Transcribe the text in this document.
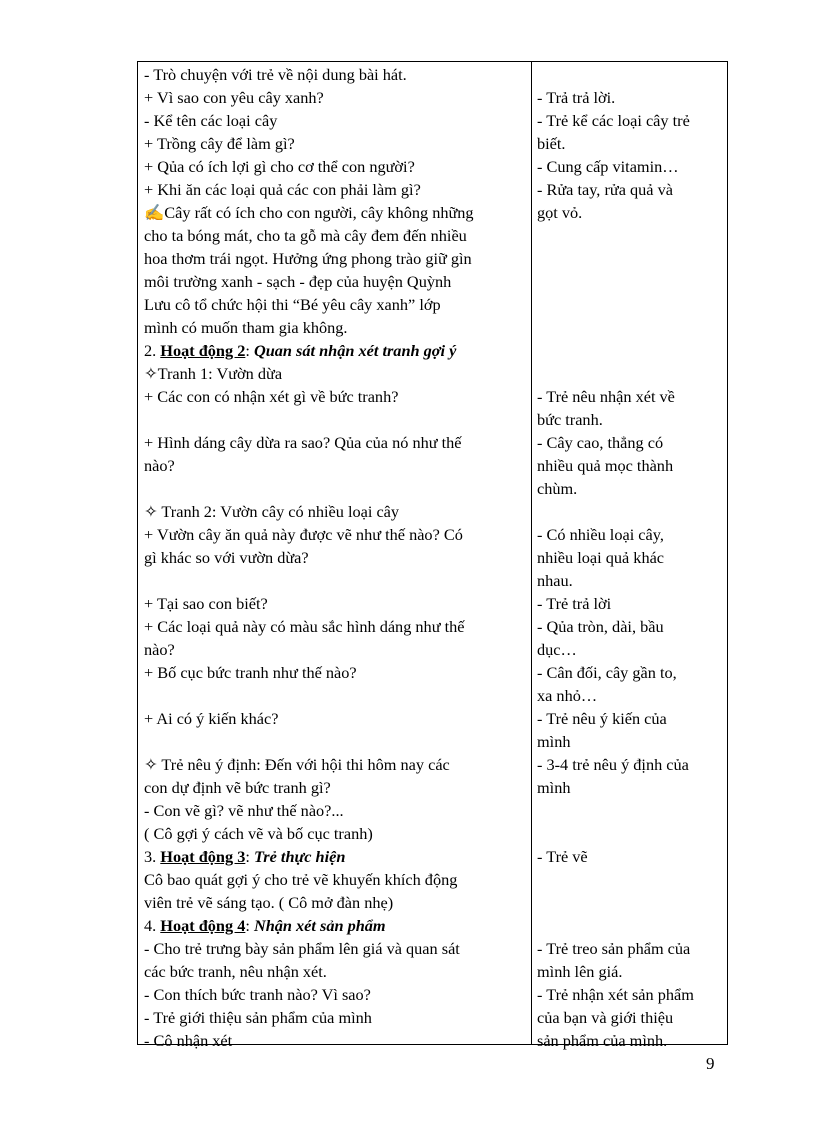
- Trò chuyện với trẻ về nội dung bài hát.
+ Vì sao con yêu cây xanh?
- Kể tên các loại cây
+ Trồng cây để làm gì?
+ Qủa có ích lợi gì cho cơ thể con người?
+ Khi ăn các loại quả các con phải làm gì?
✍Cây rất có ích cho con người, cây không những
cho ta bóng mát, cho ta gỗ mà cây đem đến nhiều
hoa thơm trái ngọt. Hưởng ứng phong trào giữ gìn
môi trường xanh - sạch - đẹp của huyện Quỳnh
Lưu cô tổ chức hội thi “Bé yêu cây xanh” lớp
mình có muốn tham gia không.
2. Hoạt động 2: Quan sát nhận xét tranh gợi ý
✧Tranh 1: Vườn dừa
+ Các con có nhận xét gì về bức tranh?
+ Hình dáng cây dừa ra sao? Qủa của nó như thế
nào?
✧ Tranh 2: Vườn cây có nhiều loại cây
+ Vườn cây ăn quả này được vẽ như thế nào? Có
gì khác so với vườn dừa?
+ Tại sao con biết?
+ Các loại quả này có màu sắc hình dáng như thế
nào?
+ Bố cục bức tranh như thế nào?
+ Ai có ý kiến khác?
✧ Trẻ nêu ý định: Đến với hội thi hôm nay các
con dự định vẽ bức tranh gì?
- Con vẽ gì? vẽ như thế nào?...
( Cô gợi ý cách vẽ và bố cục tranh)
3. Hoạt động 3: Trẻ thực hiện
Cô bao quát gợi ý cho trẻ vẽ khuyến khích động
viên trẻ vẽ sáng tạo. ( Cô mở đàn nhẹ)
4. Hoạt động 4: Nhận xét sản phẩm
- Cho trẻ trưng bày sản phẩm lên giá và quan sát
các bức tranh, nêu nhận xét.
- Con thích bức tranh nào? Vì sao?
- Trẻ giới thiệu sản phẩm của mình
- Cô nhận xét
- Trả trả lời.
- Trẻ kể các loại cây trẻ
biết.
- Cung cấp vitamin…
- Rửa tay, rửa quả và
gọt vỏ.
- Trẻ nêu nhận xét về
bức tranh.
- Cây cao, thẳng có
nhiều quả mọc thành
chùm.
- Có nhiều loại cây,
nhiều loại quả khác
nhau.
- Trẻ trả lời
- Qủa tròn, dài, bầu
dục…
- Cân đối, cây gần to,
xa nhỏ…
- Trẻ nêu ý kiến của
mình
- 3-4 trẻ nêu ý định của
mình
- Trẻ vẽ
- Trẻ treo sản phẩm của
mình lên giá.
- Trẻ nhận xét sản phẩm
của bạn và giới thiệu
sản phẩm của mình.
9
